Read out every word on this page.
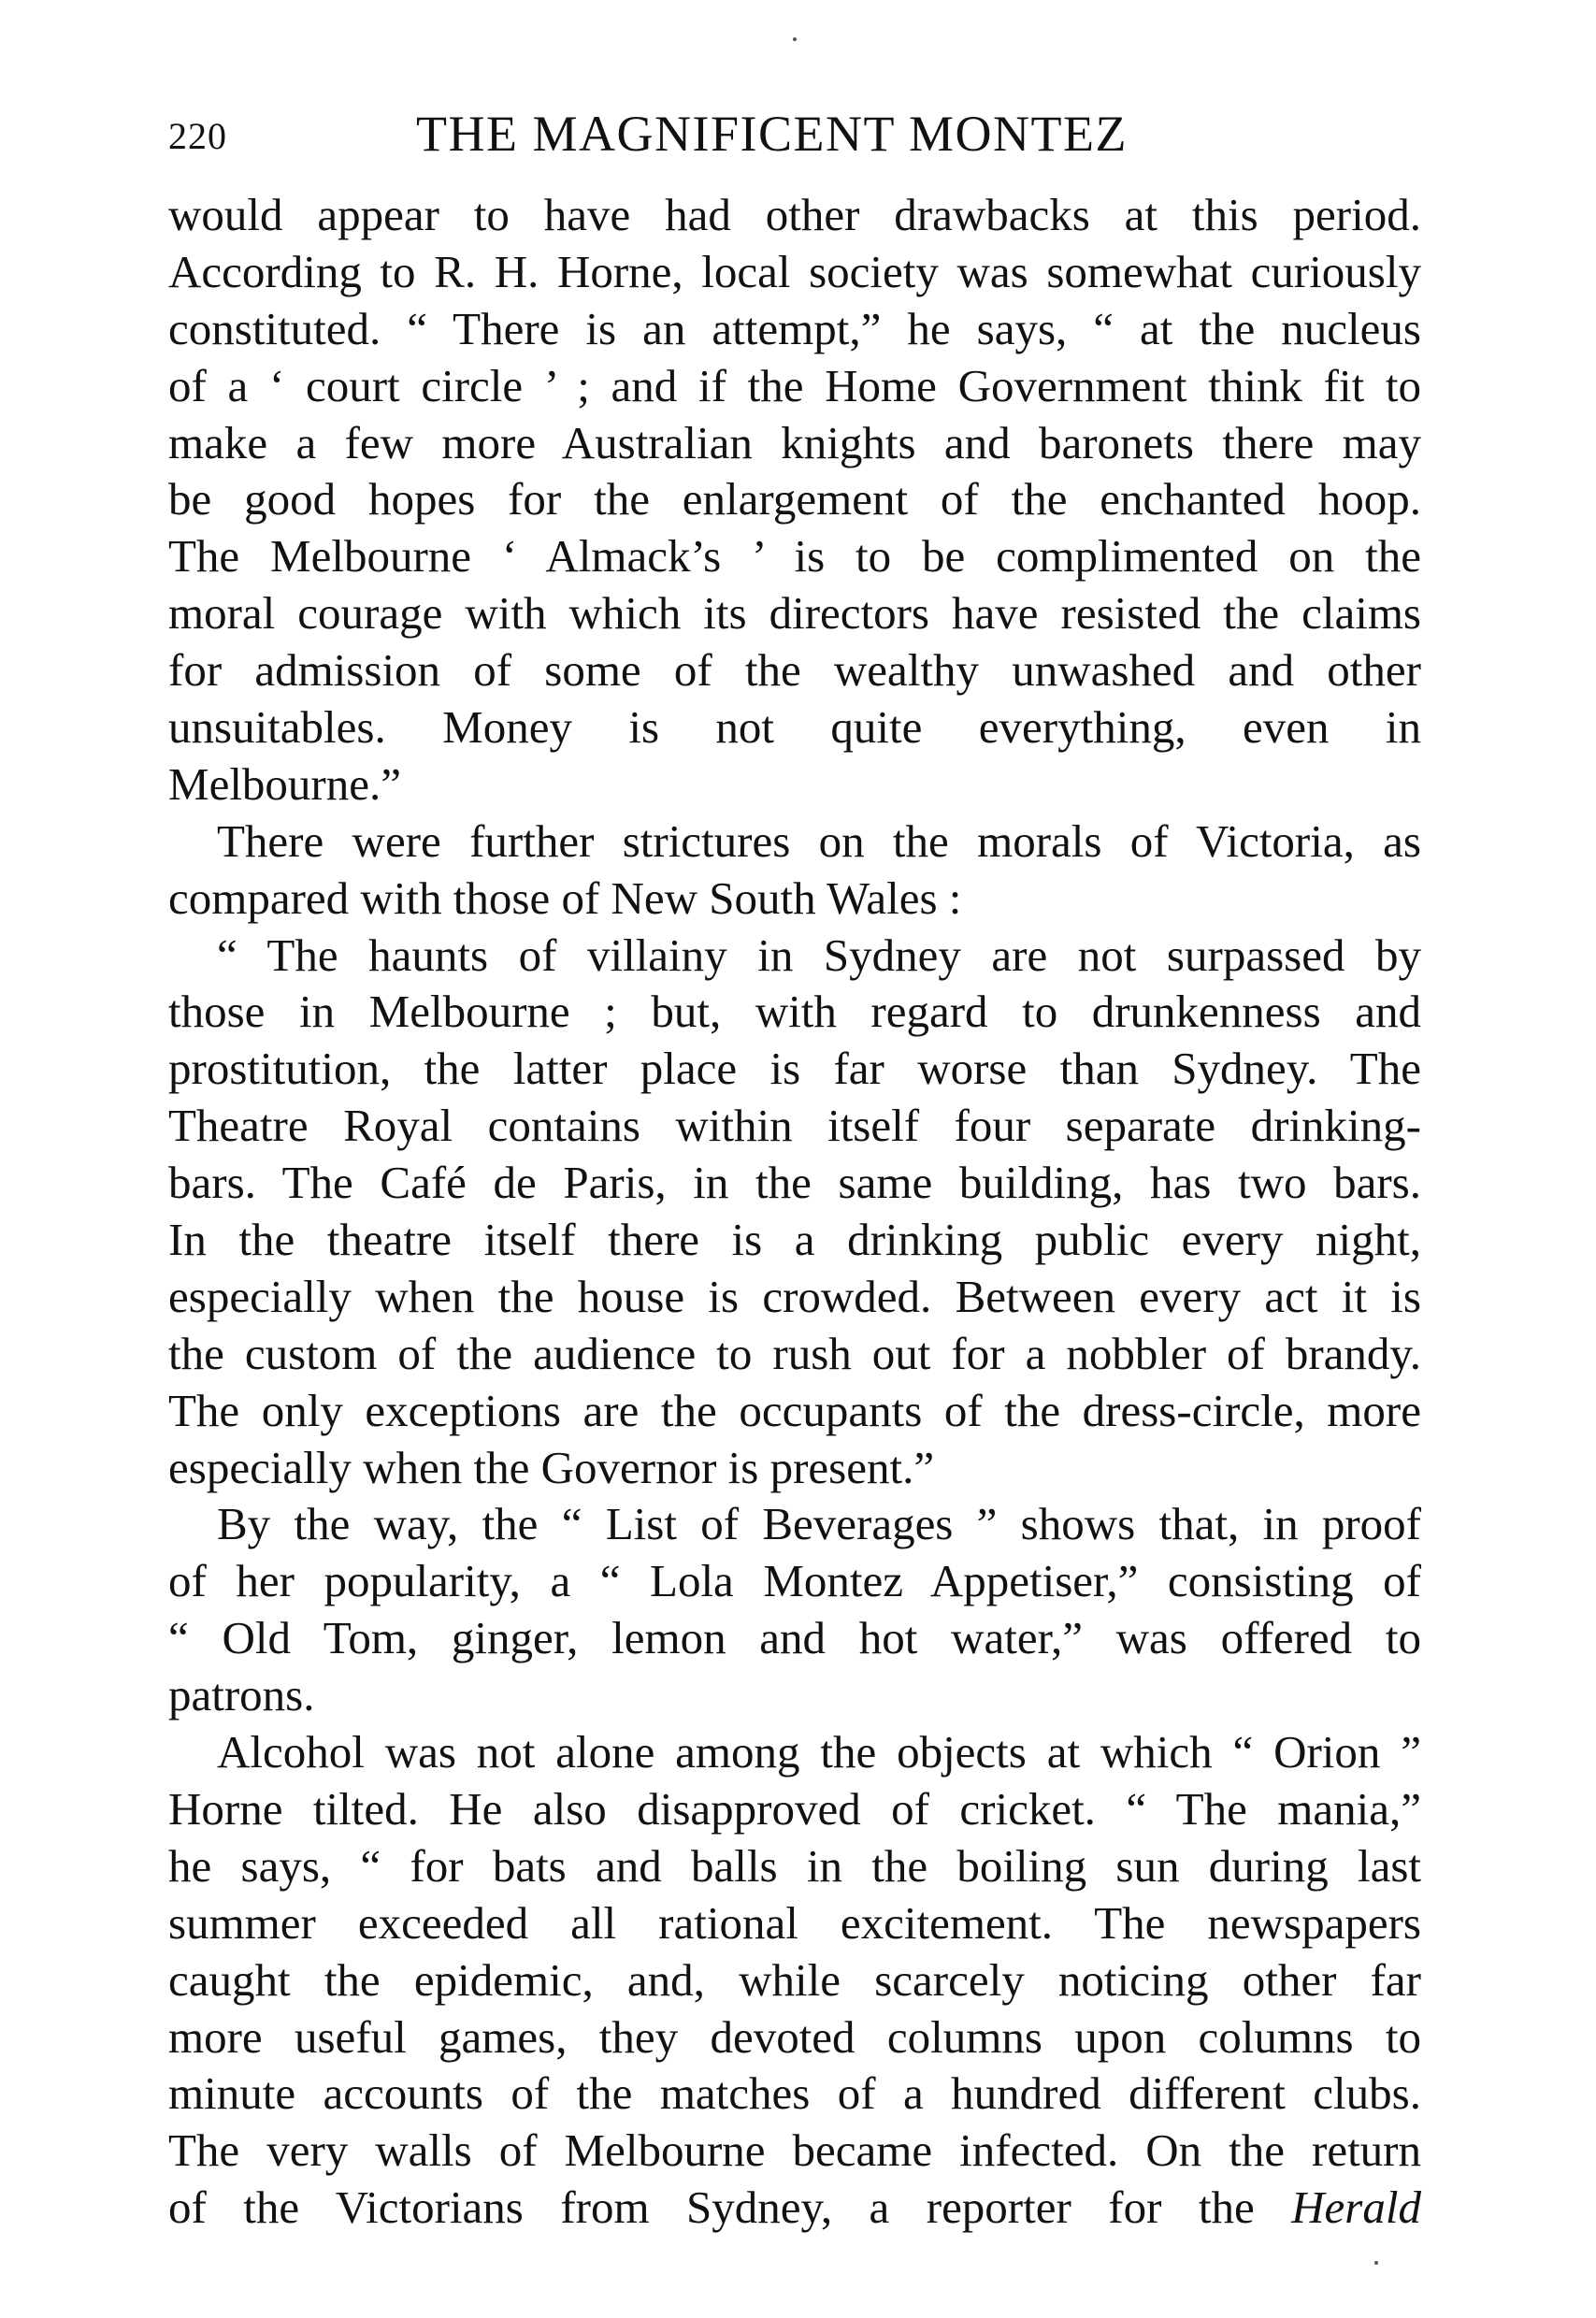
220	THE MAGNIFICENT MONTEZ
would appear to have had other drawbacks at this period.
According to R. H. Horne, local society was somewhat curiously
constituted. “ There is an attempt,” he says, “ at the nucleus
of a ‘ court circle ’ ; and if the Home Government think fit to
make a few more Australian knights and baronets there may
be good hopes for the enlargement of the enchanted hoop.
The Melbourne ‘ Almack’s ’ is to be complimented on the
moral courage with which its directors have resisted the claims
for admission of some of the wealthy unwashed and other
unsuitables. Money is not quite everything, even in
Melbourne.”
There were further strictures on the morals of Victoria, as
compared with those of New South Wales :
“ The haunts of villainy in Sydney are not surpassed by
those in Melbourne ; but, with regard to drunkenness and
prostitution, the latter place is far worse than Sydney. The
Theatre Royal contains within itself four separate drinking-
bars. The Café de Paris, in the same building, has two bars.
In the theatre itself there is a drinking public every night,
especially when the house is crowded. Between every act it is
the custom of the audience to rush out for a nobbler of brandy.
The only exceptions are the occupants of the dress-circle, more
especially when the Governor is present.”
By the way, the “ List of Beverages ” shows that, in proof
of her popularity, a “ Lola Montez Appetiser,” consisting of
“ Old Tom, ginger, lemon and hot water,” was offered to
patrons.
Alcohol was not alone among the objects at which “ Orion ”
Horne tilted. He also disapproved of cricket. “ The mania,”
he says, “ for bats and balls in the boiling sun during last
summer exceeded all rational excitement. The newspapers
caught the epidemic, and, while scarcely noticing other far
more useful games, they devoted columns upon columns to
minute accounts of the matches of a hundred different clubs.
The very walls of Melbourne became infected. On the return
of the Victorians from Sydney, a reporter for the Herald
